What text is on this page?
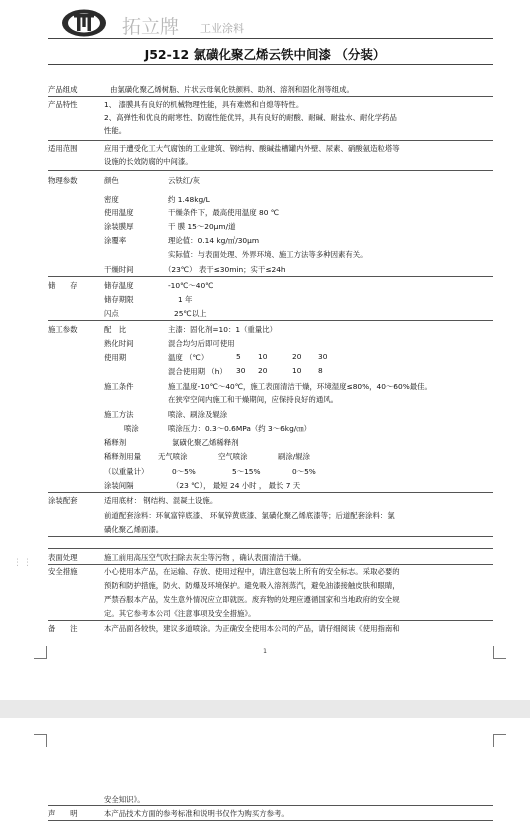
拓立牌 工业涂料
J52-12 氯磺化聚乙烯云铁中间漆 （分装）
产品组成	由氯磺化聚乙烯树脂、片状云母氧化铁颜料、助剂、溶剂和固化剂等组成。
产品特性	1、 漆膜具有良好的机械物理性能，具有难燃和自熄等特性。
2、高弹性和优良的耐寒性、防腐性能优异，具有良好的耐酸、耐碱、耐盐水、耐化学药品
性能。
适用范围	应用于遭受化工大气腐蚀的工业建筑、钢结构、酸碱盐槽罐内外壁、尿素、硝酸氨造粒塔等
设施的长效防腐的中间漆。
物理参数	颜色	云铁红/灰
密度	约 1.48kg/L
使用温度	干燥条件下，最高使用温度 80 ℃
涂装膜厚	干 膜 15～20μm/道
涂覆率	理论值：0.14 kg/㎡/30μm
实际值：与表面处理、外界环境、施工方法等多种因素有关。
干燥时间	（23℃） 表干≤30min；实干≤24h
储　　存	储存温度	-10℃～40℃
储存期限	1 年
闪点	25℃以上
施工参数	配　比	主漆：固化剂=10：1（重量比）
熟化时间	混合均匀后即可使用
使用期	温度 （℃）	5 10	20 30
混合使用期 （h） 30 20	10 8
施工条件	施工温度-10℃～40℃，施工表面清洁干燥，环境湿度≤80%，40～60%最佳。
在狭窄空间内施工和干燥期间，应保持良好的通风。
施工方法	喷涂、刷涂及辊涂
喷涂	喷涂压力：0.3～0.6MPa（约 3～6kg/㎝）
稀释剂	氯磺化聚乙烯稀释剂
稀释剂用量 无气喷涂	空气喷涂	刷涂/辊涂
（以重量计）	0～5%	5～15%	0～5%
涂装间隔	（23 ℃）， 最短 24 小时 ， 最长 7 天
涂装配套	适用底材： 钢结构、混凝土设施。
前道配套涂料：环氧富锌底漆、 环氧锌黄底漆、氯磺化聚乙烯底漆等；后道配套涂料：氯
磺化聚乙烯面漆。
表面处理	施工前用高压空气吹扫除去灰尘等污物 ，确认表面清洁干燥。
安全措施	小心使用本产品，在运输、存放、使用过程中，请注意包装上所有的安全标志。采取必要的
预防和防护措施，防火、防爆及环境保护。避免吸入溶剂蒸汽，避免油漆接触皮肤和眼睛，
严禁吞服本产品，发生意外情况应立即就医。废弃物的处理应遵循国家和当地政府的安全规
定。其它参考本公司《注意事项及安全措施》。
备　　注	本产品面各较快，建议多道喷涂。为正确安全使用本公司的产品，请仔细阅读《使用指南和
⋮⋮
1
安全知识》。
声　　明	本产品技术方面的参考标准和说明书仅作为购买方参考。
